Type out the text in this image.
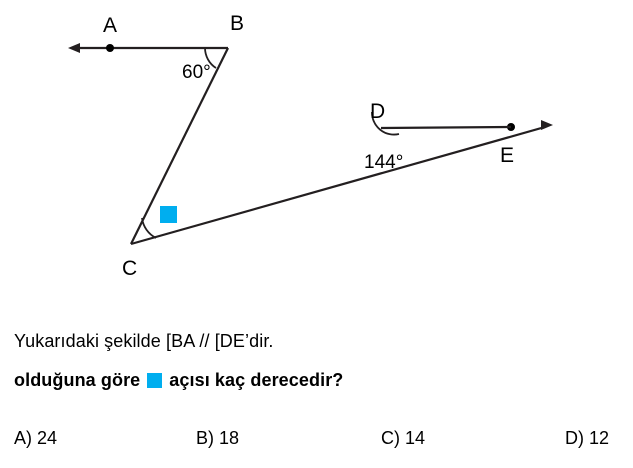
A	B
C
D
E
60°
144°
Yukarıdaki şekilde [BA // [DE’dir.
olduğuna göre açısı kaç derecedir?
A) 24	B) 18	C) 14	D) 12
